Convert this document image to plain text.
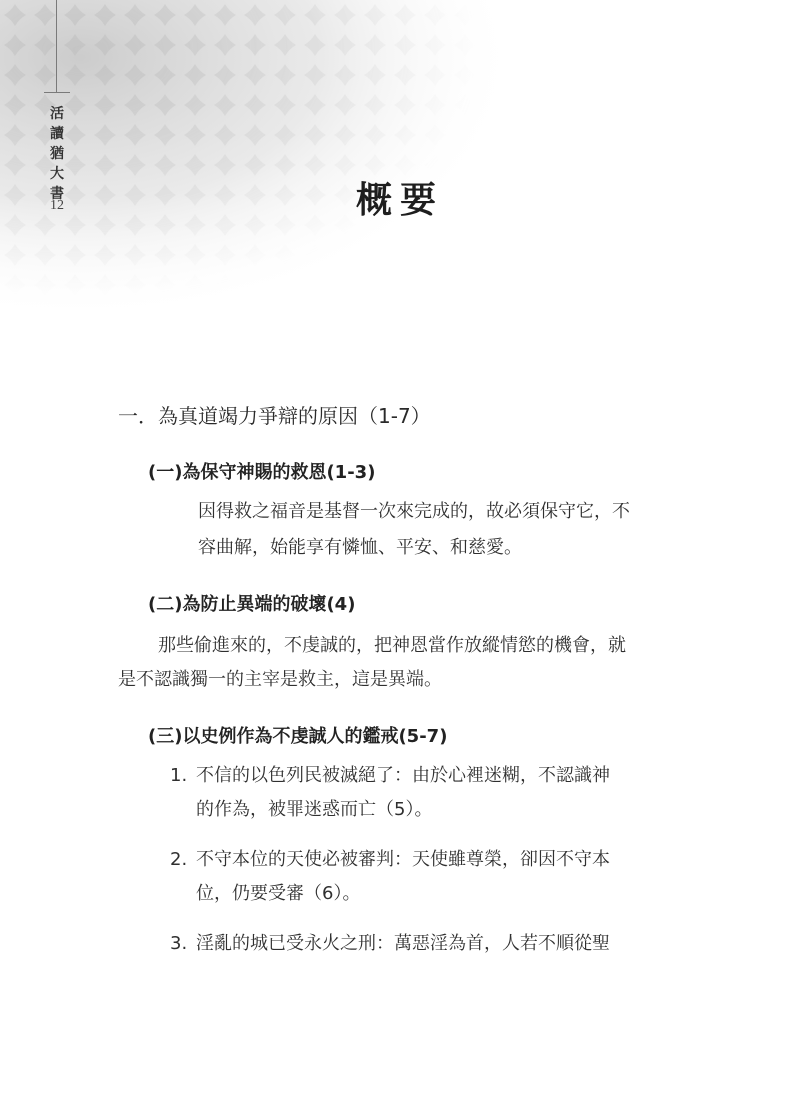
活讀猶大書
12	概要
一．為真道竭力爭辯的原因（1-7）
(一)為保守神賜的救恩(1-3)
因得救之福音是基督一次來完成的，故必須保守它，不
容曲解，始能享有憐恤、平安、和慈愛。
(二)為防止異端的破壞(4)
那些偷進來的，不虔誠的，把神恩當作放縱情慾的機會，就
是不認識獨一的主宰是救主，這是異端。
(三)以史例作為不虔誠人的鑑戒(5-7)
1. 不信的以色列民被滅絕了：由於心裡迷糊，不認識神
的作為，被罪迷惑而亡（5）。
2. 不守本位的天使必被審判：天使雖尊榮，卻因不守本
位，仍要受審（6）。
3. 淫亂的城已受永火之刑：萬惡淫為首，人若不順從聖
